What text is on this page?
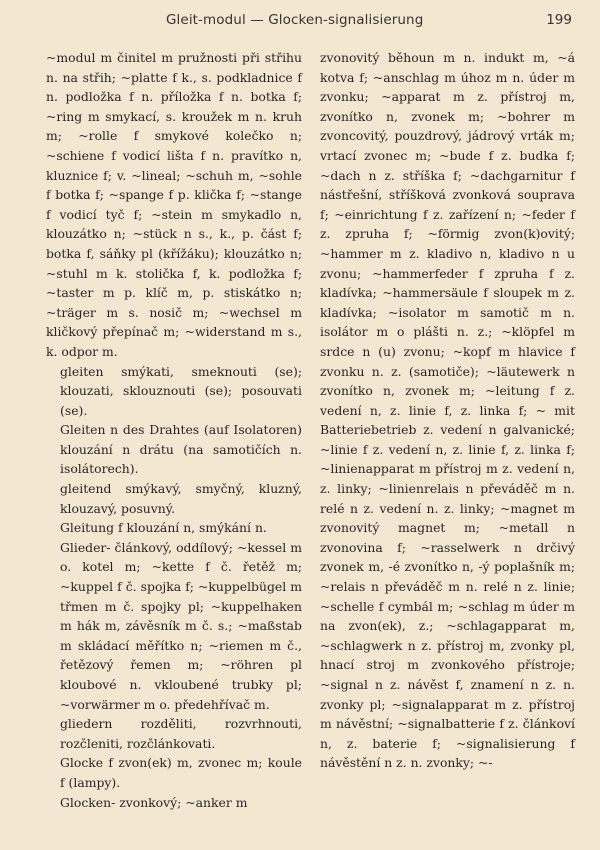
Gleit-modul — Glocken-signalisierung	199

~modul m činitel m pružnosti při střihu n. na střih; ~platte f k., s. podkladnice f n. podložka f n. příložka f n. botka f; ~ring m smykací, s. kroužek m n. kruh m; ~rolle f smykové kolečko n; ~schiene f vodicí lišta f n. pravítko n, kluznice f; v. ~lineal; ~schuh m, ~sohle f botka f; ~spange f p. klička f; ~stange f vodicí tyč f; ~stein m smykadlo n, klouzátko n; ~stück n s., k., p. část f; botka f, sáňky pl (křížáku); klouzátko n; ~stuhl m k. stolička f, k. podložka f; ~taster m p. klíč m, p. stiskátko n; ~träger m s. nosič m; ~wechsel m kličkový přepínač m; ~widerstand m s., k. odpor m.

gleiten smýkati, smeknouti (se); klouzati, sklouznouti (se); posouvati (se).

Gleiten n des Drahtes (auf Isolatoren) klouzání n drátu (na samotičích n. isolátorech).

gleitend smýkavý, smyčný, kluzný, klouzavý, posuvný.

Gleitung f klouzání n, smýkání n.

Glieder- článkový, oddílový; ~kessel m o. kotel m; ~kette f č. řetěž m; ~kuppel f č. spojka f; ~kuppelbügel m třmen m č. spojky pl; ~kuppelhaken m hák m, závěsník m č. s.; ~maßstab m skládací měřítko n; ~riemen m č., řetězový řemen m; ~röhren pl kloubové n. vkloubené trubky pl; ~vorwärmer m o. předehřívač m.

gliedern rozděliti, rozvrhnouti, rozčleniti, rozčlánkovati.

Glocke f zvon(ek) m, zvonec m; koule f (lampy).

Glocken- zvonkový; ~anker m

zvonovitý běhoun m n. indukt m, ~á kotva f; ~anschlag m úhoz m n. úder m zvonku; ~apparat m z. přístroj m, zvonítko n, zvonek m; ~bohrer m zvoncovitý, pouzdrový, jádrový vrták m; vrtací zvonec m; ~bude f z. budka f; ~dach n z. stříška f; ~dachgarnitur f nástřešní, stříšková zvonková souprava f; ~einrichtung f z. zařízení n; ~feder f z. zpruha f; ~förmig zvon(k)ovitý; ~hammer m z. kladivo n, kladivo n u zvonu; ~hammerfeder f zpruha f z. kladívka; ~hammersäule f sloupek m z. kladívka; ~isolator m samotič m n. isolátor m o plášti n. z.; ~klöpfel m srdce n (u) zvonu; ~kopf m hlavice f zvonku n. z. (samotiče); ~läutewerk n zvonítko n, zvonek m; ~leitung f z. vedení n, z. linie f, z. linka f; ~ mit Batteriebetrieb z. vedení n galvanické; ~linie f z. vedení n, z. linie f, z. linka f; ~linienapparat m přístroj m z. vedení n, z. linky; ~linienrelais n převáděč m n. relé n z. vedení n. z. linky; ~magnet m zvonovitý magnet m; ~metall n zvonovina f; ~rasselwerk n drčivý zvonek m, -é zvonítko n, -ý poplašník m; ~relais n převáděč m n. relé n z. linie; ~schelle f cymbál m; ~schlag m úder m na zvon(ek), z.; ~schlagapparat m, ~schlagwerk n z. přístroj m, zvonky pl, hnací stroj m zvonkového přístroje; ~signal n z. návěst f, znamení n z. n. zvonky pl; ~signalapparat m z. přístroj m návěstní; ~signalbatterie f z. článkoví n, z. baterie f; ~signalisierung f návěstění n z. n. zvonky; ~-
